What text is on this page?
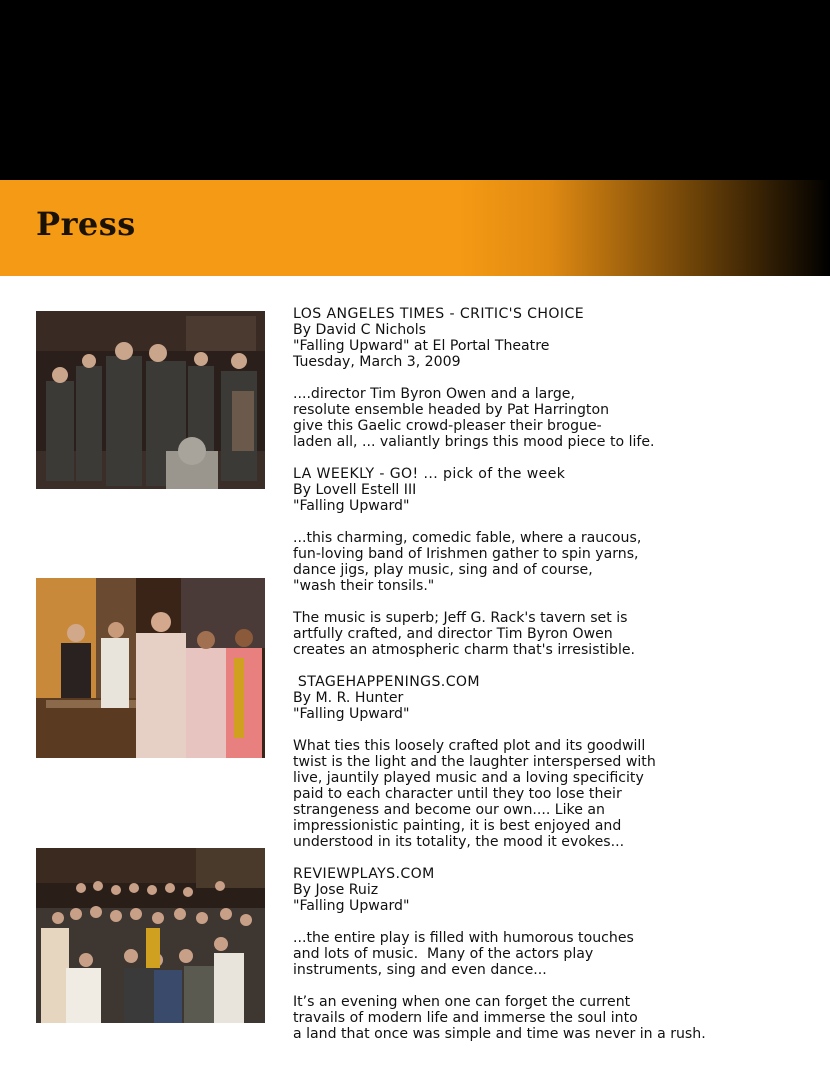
Press
LOS ANGELES TIMES - CRITIC'S CHOICE
By David C Nichols
"Falling Upward" at El Portal Theatre
Tuesday, March 3, 2009

....director Tim Byron Owen and a large,
resolute ensemble headed by Pat Harrington
give this Gaelic crowd-pleaser their brogue-
laden all, ... valiantly brings this mood piece to life.

LA WEEKLY - GO! ... pick of the week
By Lovell Estell III
"Falling Upward"

...this charming, comedic fable, where a raucous,
fun-loving band of Irishmen gather to spin yarns,
dance jigs, play music, sing and of course,
"wash their tonsils."

The music is superb; Jeff G. Rack's tavern set is
artfully crafted, and director Tim Byron Owen
creates an atmospheric charm that's irresistible.

STAGEHAPPENINGS.COM
By M. R. Hunter
"Falling Upward"

What ties this loosely crafted plot and its goodwill
twist is the light and the laughter interspersed with
live, jauntily played music and a loving specificity
paid to each character until they too lose their
strangeness and become our own.... Like an
impressionistic painting, it is best enjoyed and
understood in its totality, the mood it evokes...

REVIEWPLAYS.COM
By Jose Ruiz
"Falling Upward"

...the entire play is filled with humorous touches
and lots of music.  Many of the actors play
instruments, sing and even dance...

It’s an evening when one can forget the current
travails of modern life and immerse the soul into
a land that once was simple and time was never in a rush.
